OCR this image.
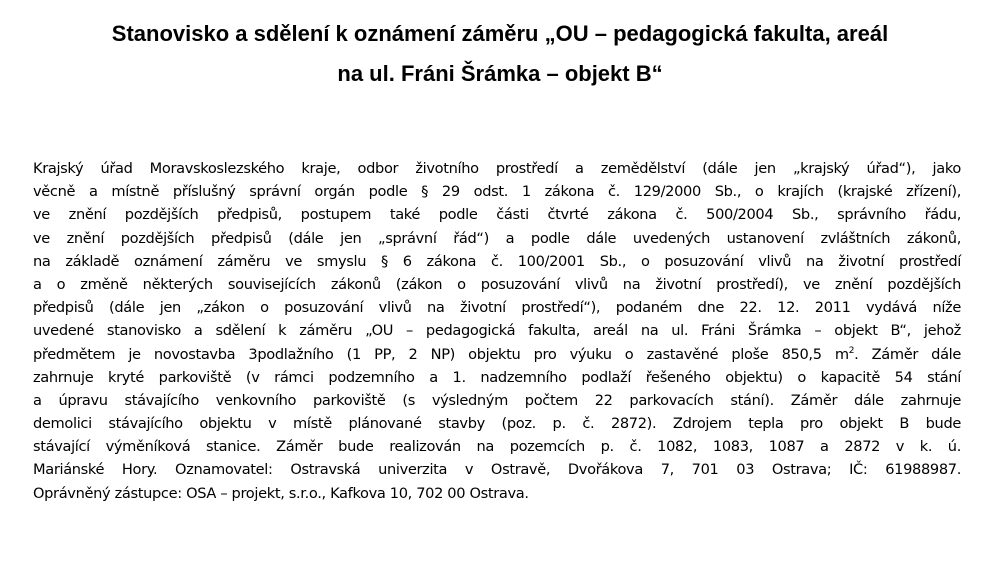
Stanovisko a sdělení k oznámení záměru „OU – pedagogická fakulta, areál
na ul. Fráni Šrámka – objekt B“
Krajský úřad Moravskoslezského kraje, odbor životního prostředí a zemědělství (dále jen „krajský úřad“), jako
věcně a místně příslušný správní orgán podle § 29 odst. 1 zákona č. 129/2000 Sb., o krajích (krajské zřízení),
ve znění pozdějších předpisů, postupem také podle části čtvrté zákona č. 500/2004 Sb., správního řádu,
ve znění pozdějších předpisů (dále jen „správní řád“) a podle dále uvedených ustanovení zvláštních zákonů,
na základě oznámení záměru ve smyslu § 6 zákona č. 100/2001 Sb., o posuzování vlivů na životní prostředí
a o změně některých souvisejících zákonů (zákon o posuzování vlivů na životní prostředí), ve znění pozdějších
předpisů (dále jen „zákon o posuzování vlivů na životní prostředí“), podaném dne 22. 12. 2011 vydává níže
uvedené stanovisko a sdělení k záměru „OU – pedagogická fakulta, areál na ul. Fráni Šrámka – objekt B“, jehož
předmětem je novostavba 3podlažního (1 PP, 2 NP) objektu pro výuku o zastavěné ploše 850,5 $m^2$. Záměr dále
zahrnuje kryté parkoviště (v rámci podzemního a 1. nadzemního podlaží řešeného objektu) o kapacitě 54 stání
a úpravu stávajícího venkovního parkoviště (s výsledným počtem 22 parkovacích stání). Záměr dále zahrnuje
demolici stávajícího objektu v místě plánované stavby (poz. p. č. 2872). Zdrojem tepla pro objekt B bude
stávající výměníková stanice. Záměr bude realizován na pozemcích p. č. 1082, 1083, 1087 a 2872 v k. ú.
Mariánské Hory. Oznamovatel: Ostravská univerzita v Ostravě, Dvořákova 7, 701 03 Ostrava; IČ: 61988987.
Oprávněný zástupce: OSA – projekt, s.r.o., Kafkova 10, 702 00 Ostrava.
